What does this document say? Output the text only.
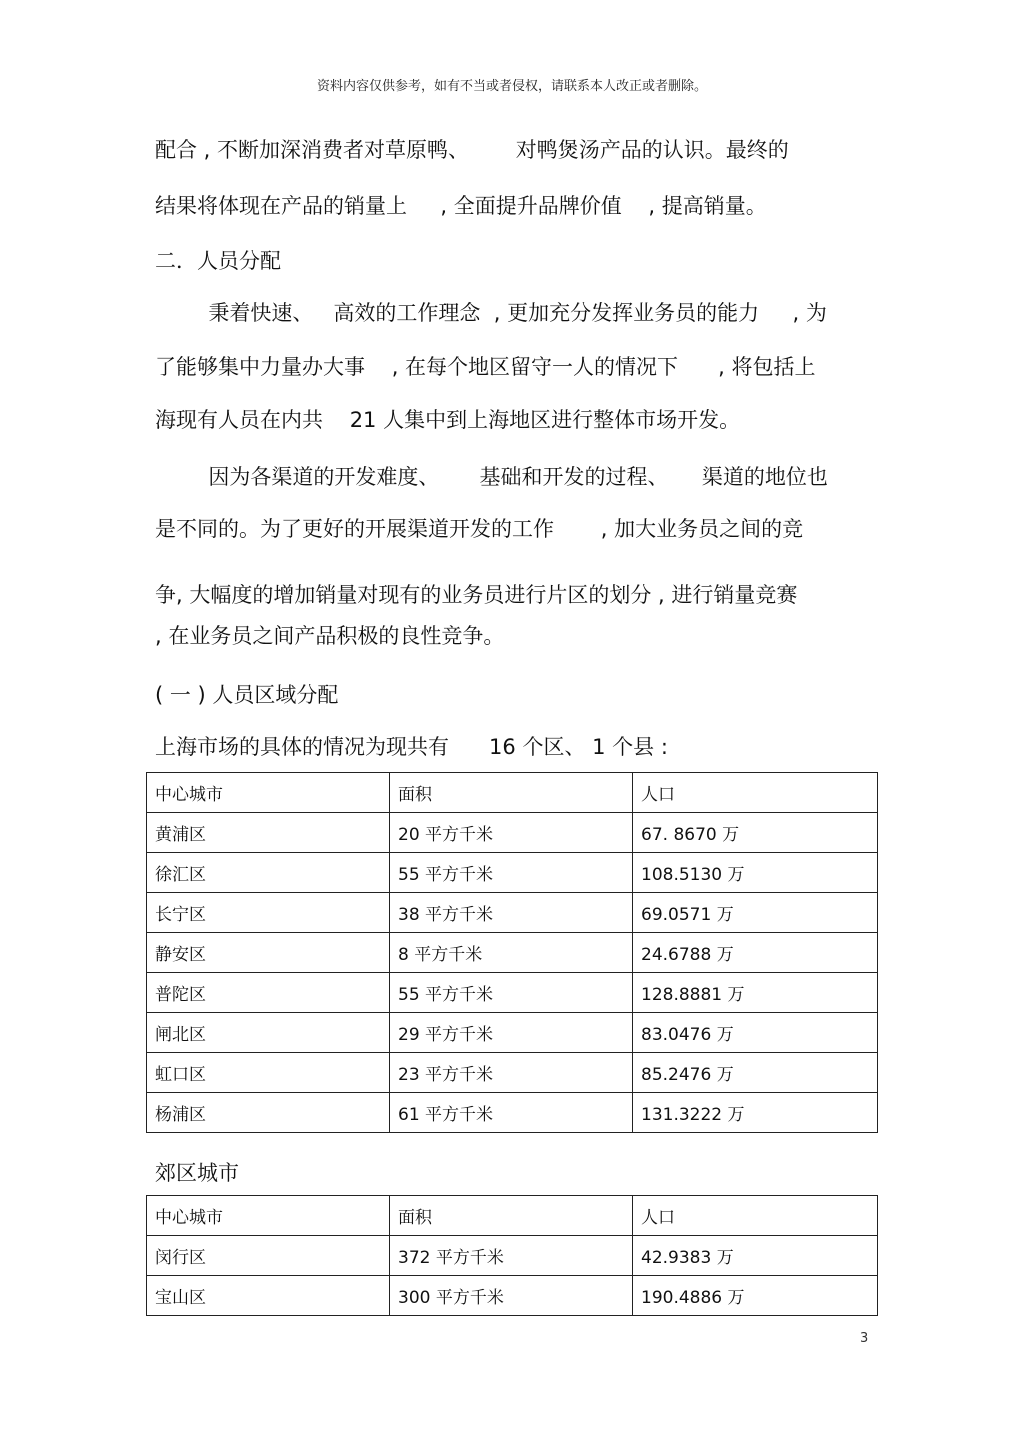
资料内容仅供参考，如有不当或者侵权，请联系本人改正或者删除。
配合 , 不断加深消费者对草原鸭、       对鸭煲汤产品的认识。最终的
结果将体现在产品的销量上     , 全面提升品牌价值    , 提高销量。
二．人员分配
秉着快速、   高效的工作理念  , 更加充分发挥业务员的能力     , 为
了能够集中力量办大事    , 在每个地区留守一人的情况下      , 将包括上
海现有人员在内共    21 人集中到上海地区进行整体市场开发。
因为各渠道的开发难度、      基础和开发的过程、     渠道的地位也
是不同的。为了更好的开展渠道开发的工作       , 加大业务员之间的竞
争, 大幅度的增加销量对现有的业务员进行片区的划分 , 进行销量竞赛
, 在业务员之间产品积极的良性竞争。
( 一 ) 人员区域分配
上海市场的具体的情况为现共有      16 个区、 1 个县 :
中心城市	面积	人口
黄浦区	20 平方千米	67. 8670 万
徐汇区	55 平方千米	108.5130 万
长宁区	38 平方千米	69.0571 万
静安区	8 平方千米	24.6788 万
普陀区	55 平方千米	128.8881 万
闸北区	29 平方千米	83.0476 万
虹口区	23 平方千米	85.2476 万
杨浦区	61 平方千米	131.3222 万
郊区城市
中心城市	面积	人口
闵行区	372 平方千米	42.9383 万
宝山区	300 平方千米	190.4886 万
3
